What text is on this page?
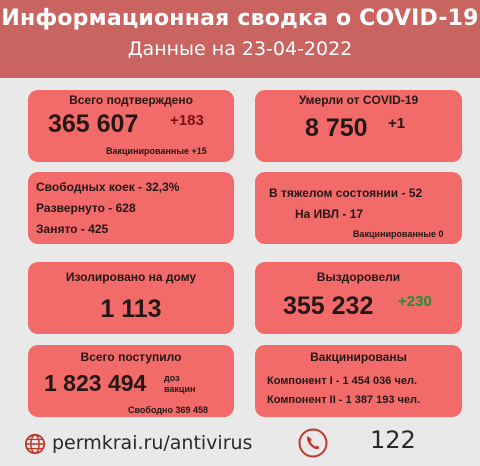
Информационная сводка о COVID-19
Данные на 23-04-2022
Всего подтверждено
365 607 +183
Вакцинированные +15
Умерли от COVID-19
8 750 +1
Свободных коек - 32,3%
Развернуто - 628
Занято - 425
В тяжелом состоянии - 52
На ИВЛ - 17
Вакцинированные 0
Изолировано на дому
1 113
Выздоровели
355 232 +230
Всего поступило
1 823 494 доз
вакцин
Свободно 369 458
Вакцинированы
Компонент I - 1 454 036 чел.
Компонент II - 1 387 193 чел.
permkrai.ru/antivirus	122
